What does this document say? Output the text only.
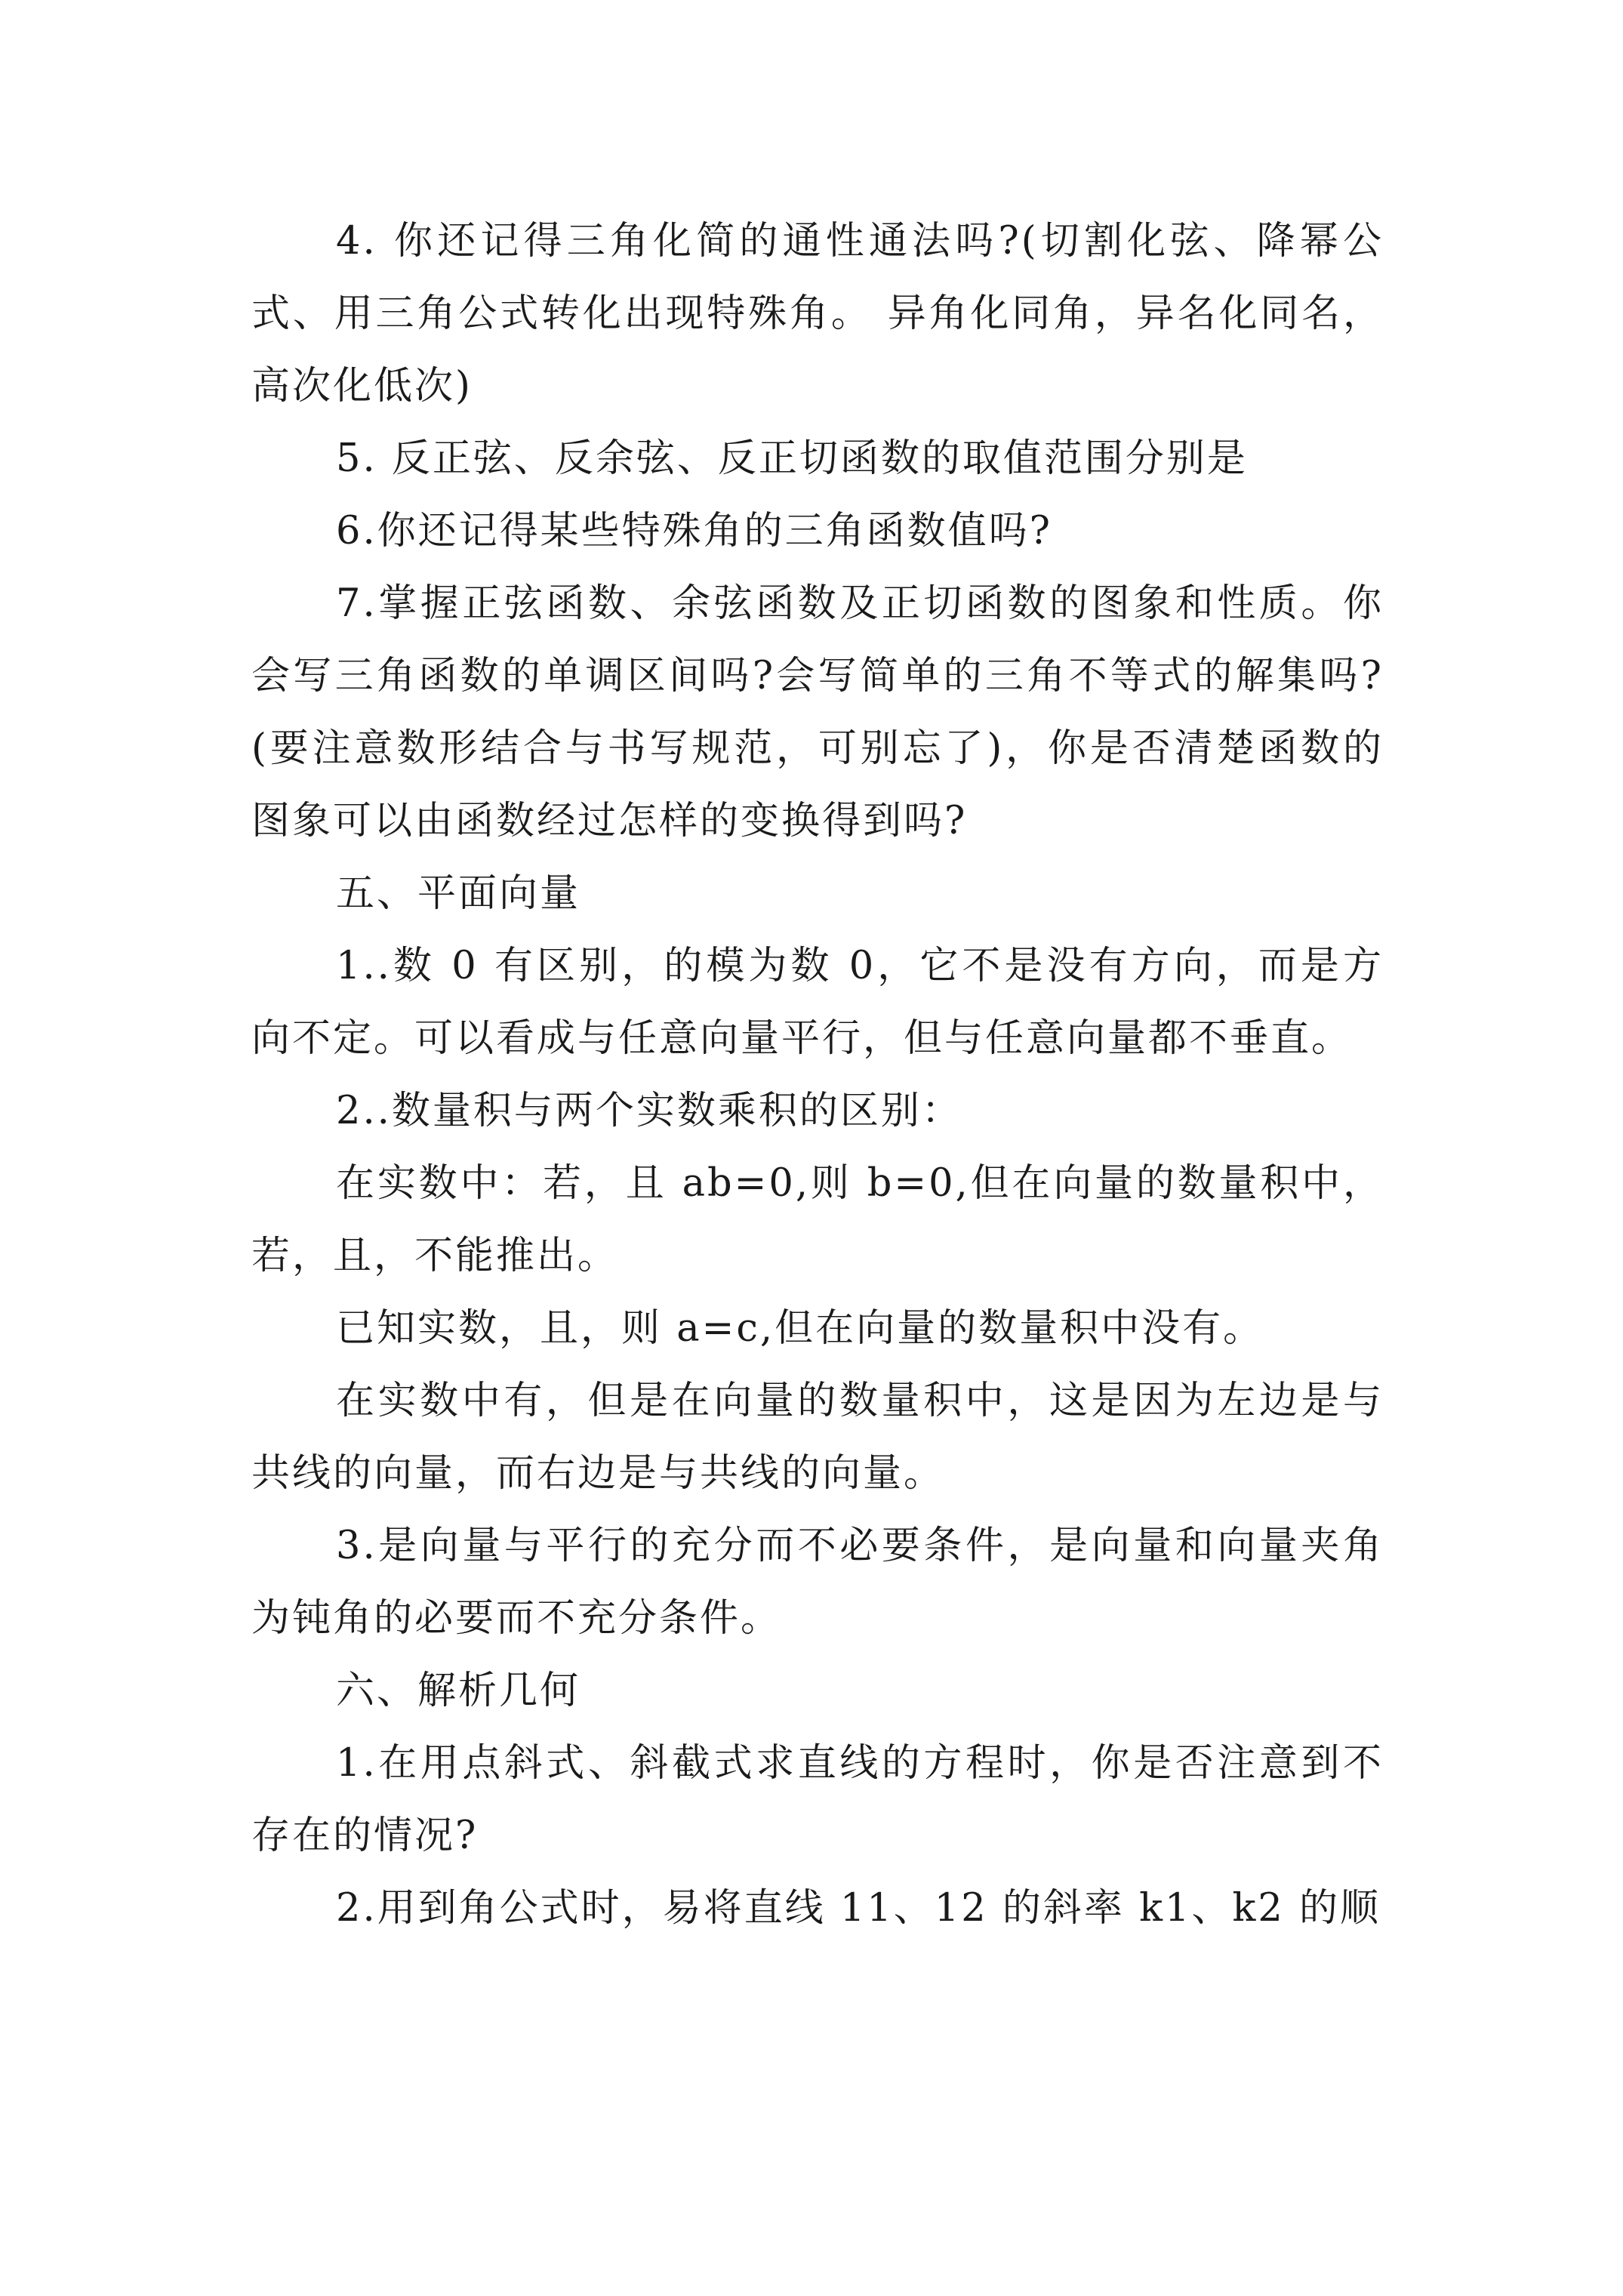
4. 你还记得三角化简的通性通法吗?(切割化弦、降幂公式、用三角公式转化出现特殊角。 异角化同角，异名化同名，高次化低次)

5. 反正弦、反余弦、反正切函数的取值范围分别是

6.你还记得某些特殊角的三角函数值吗?

7.掌握正弦函数、余弦函数及正切函数的图象和性质。你会写三角函数的单调区间吗?会写简单的三角不等式的解集吗?(要注意数形结合与书写规范，可别忘了)，你是否清楚函数的图象可以由函数经过怎样的变换得到吗?

五、平面向量

1..数 0 有区别，的模为数 0，它不是没有方向，而是方向不定。可以看成与任意向量平行，但与任意向量都不垂直。

2..数量积与两个实数乘积的区别：

在实数中：若，且 ab=0,则 b=0,但在向量的数量积中，若，且，不能推出。

已知实数，且，则 a=c,但在向量的数量积中没有。

在实数中有，但是在向量的数量积中，这是因为左边是与共线的向量，而右边是与共线的向量。

3.是向量与平行的充分而不必要条件，是向量和向量夹角为钝角的必要而不充分条件。

六、解析几何

1.在用点斜式、斜截式求直线的方程时，你是否注意到不存在的情况?

2.用到角公式时，易将直线 11、12 的斜率 k1、k2 的顺
